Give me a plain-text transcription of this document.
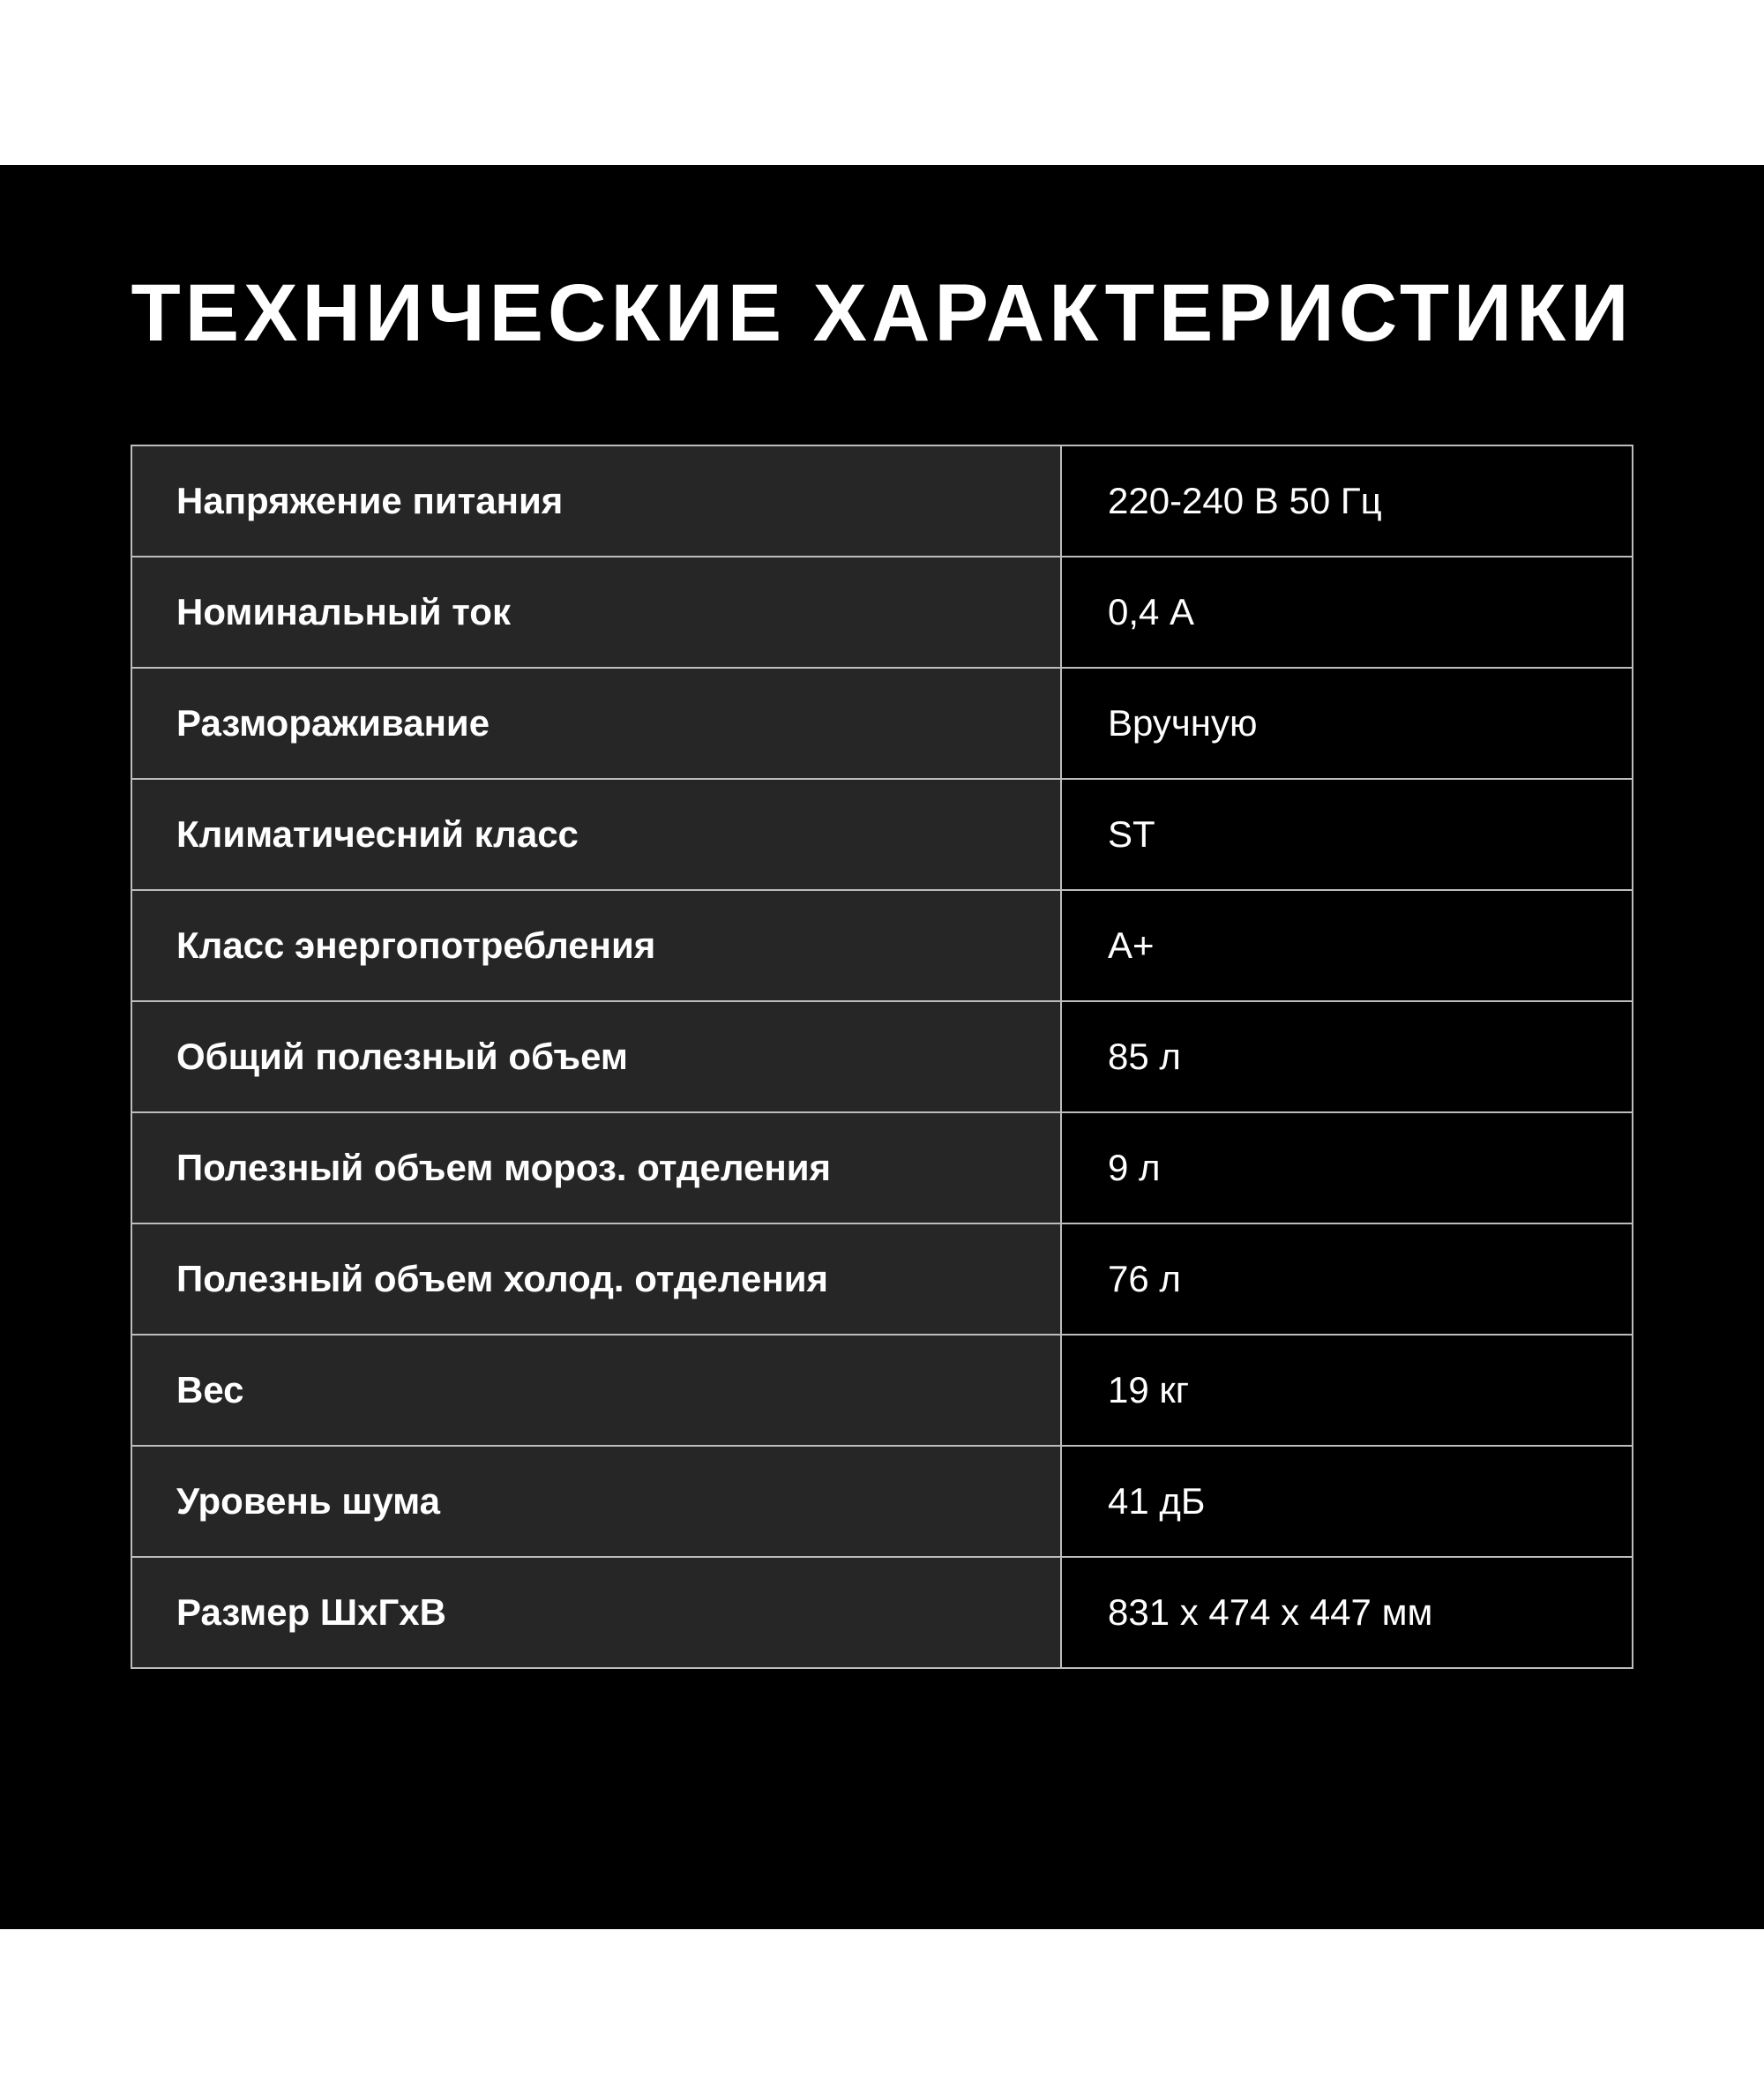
ТЕХНИЧЕСКИЕ ХАРАКТЕРИСТИКИ
Напряжение питания	220-240 В 50 Гц
Номинальный ток	0,4 А
Размораживание	Вручную
Климатичесний класс	ST
Класс энергопотребления	А+
Общий полезный объем	85 л
Полезный объем мороз. отделения	9 л
Полезный объем холод. отделения	76 л
Вес	19 кг
Уровень шума	41 дБ
Размер ШхГхВ	831 x 474 x 447 мм
